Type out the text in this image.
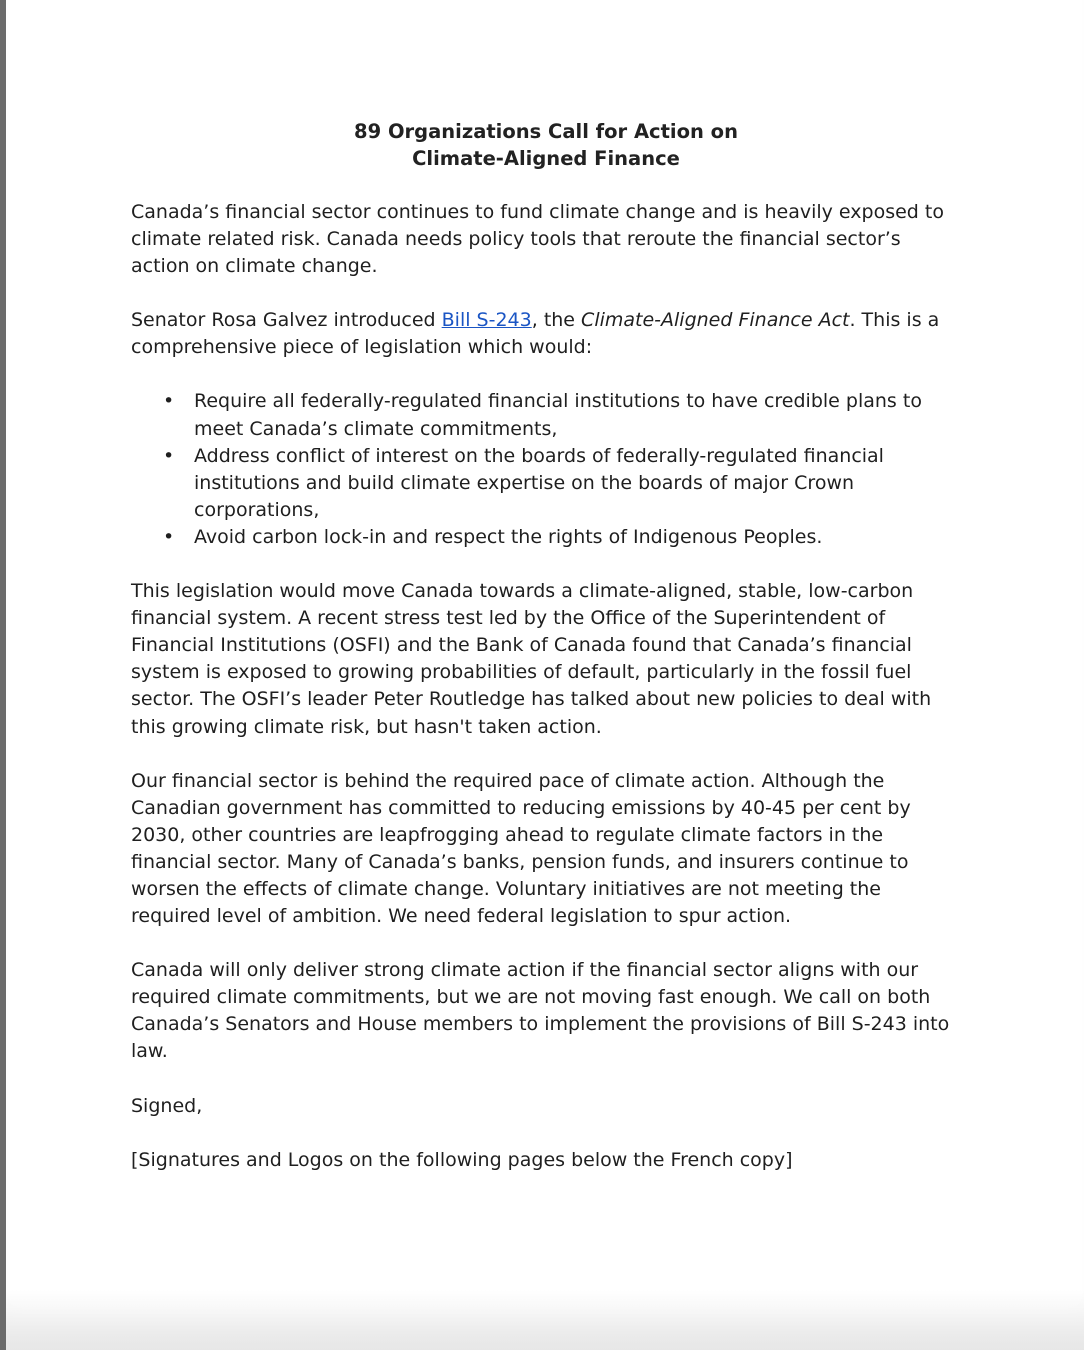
89 Organizations Call for Action on
Climate-Aligned Finance

Canada’s financial sector continues to fund climate change and is heavily exposed to climate related risk. Canada needs policy tools that reroute the financial sector’s action on climate change.

Senator Rosa Galvez introduced Bill S-243, the Climate-Aligned Finance Act. This is a comprehensive piece of legislation which would:

• Require all federally-regulated financial institutions to have credible plans to meet Canada’s climate commitments,
• Address conflict of interest on the boards of federally-regulated financial institutions and build climate expertise on the boards of major Crown corporations,
• Avoid carbon lock-in and respect the rights of Indigenous Peoples.

This legislation would move Canada towards a climate-aligned, stable, low-carbon financial system. A recent stress test led by the Office of the Superintendent of Financial Institutions (OSFI) and the Bank of Canada found that Canada’s financial system is exposed to growing probabilities of default, particularly in the fossil fuel sector. The OSFI’s leader Peter Routledge has talked about new policies to deal with this growing climate risk, but hasn't taken action.

Our financial sector is behind the required pace of climate action. Although the Canadian government has committed to reducing emissions by 40-45 per cent by 2030, other countries are leapfrogging ahead to regulate climate factors in the financial sector. Many of Canada’s banks, pension funds, and insurers continue to worsen the effects of climate change. Voluntary initiatives are not meeting the required level of ambition. We need federal legislation to spur action.

Canada will only deliver strong climate action if the financial sector aligns with our required climate commitments, but we are not moving fast enough. We call on both Canada’s Senators and House members to implement the provisions of Bill S-243 into law.

Signed,

[Signatures and Logos on the following pages below the French copy]
